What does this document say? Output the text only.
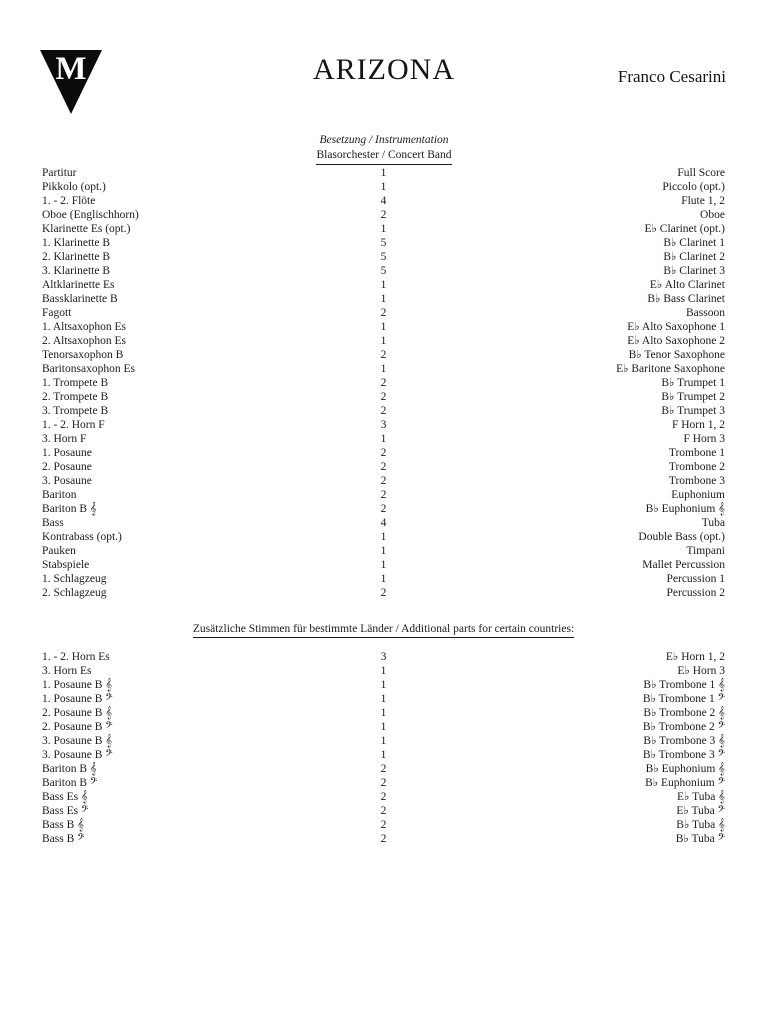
M	ARIZONA	Franco Cesarini
Besetzung / Instrumentation
Blasorchester / Concert Band
Partitur	1	Full Score
Pikkolo (opt.)	1	Piccolo (opt.)
1. - 2. Flöte	4	Flute 1, 2
Oboe (Englischhorn)	2	Oboe
Klarinette Es (opt.)	1	E♭ Clarinet (opt.)
1. Klarinette B	5	B♭ Clarinet 1
2. Klarinette B	5	B♭ Clarinet 2
3. Klarinette B	5	B♭ Clarinet 3
Altklarinette Es	1	E♭ Alto Clarinet
Bassklarinette B	1	B♭ Bass Clarinet
Fagott	2	Bassoon
1. Altsaxophon Es	1	E♭ Alto Saxophone 1
2. Altsaxophon Es	1	E♭ Alto Saxophone 2
Tenorsaxophon B	2	B♭ Tenor Saxophone
Baritonsaxophon Es	1	E♭ Baritone Saxophone
1. Trompete B	2	B♭ Trumpet 1
2. Trompete B	2	B♭ Trumpet 2
3. Trompete B	2	B♭ Trumpet 3
1. - 2. Horn F	3	F Horn 1, 2
3. Horn F	1	F Horn 3
1. Posaune	2	Trombone 1
2. Posaune	2	Trombone 2
3. Posaune	2	Trombone 3
Bariton	2	Euphonium
Bariton B 𝄞	2	B♭ Euphonium 𝄞
Bass	4	Tuba
Kontrabass (opt.)	1	Double Bass (opt.)
Pauken	1	Timpani
Stabspiele	1	Mallet Percussion
1. Schlagzeug	1	Percussion 1
2. Schlagzeug	2	Percussion 2
Zusätzliche Stimmen für bestimmte Länder / Additional parts for certain countries:
1. - 2. Horn Es	3	E♭ Horn 1, 2
3. Horn Es	1	E♭ Horn 3
1. Posaune B 𝄞	1	B♭ Trombone 1 𝄞
1. Posaune B 𝄢	1	B♭ Trombone 1 𝄢
2. Posaune B 𝄞	1	B♭ Trombone 2 𝄞
2. Posaune B 𝄢	1	B♭ Trombone 2 𝄢
3. Posaune B 𝄞	1	B♭ Trombone 3 𝄞
3. Posaune B 𝄢	1	B♭ Trombone 3 𝄢
Bariton B 𝄞	2	B♭ Euphonium 𝄞
Bariton B 𝄢	2	B♭ Euphonium 𝄢
Bass Es 𝄞	2	E♭ Tuba 𝄞
Bass Es 𝄢	2	E♭ Tuba 𝄢
Bass B 𝄞	2	B♭ Tuba 𝄞
Bass B 𝄢	2	B♭ Tuba 𝄢
